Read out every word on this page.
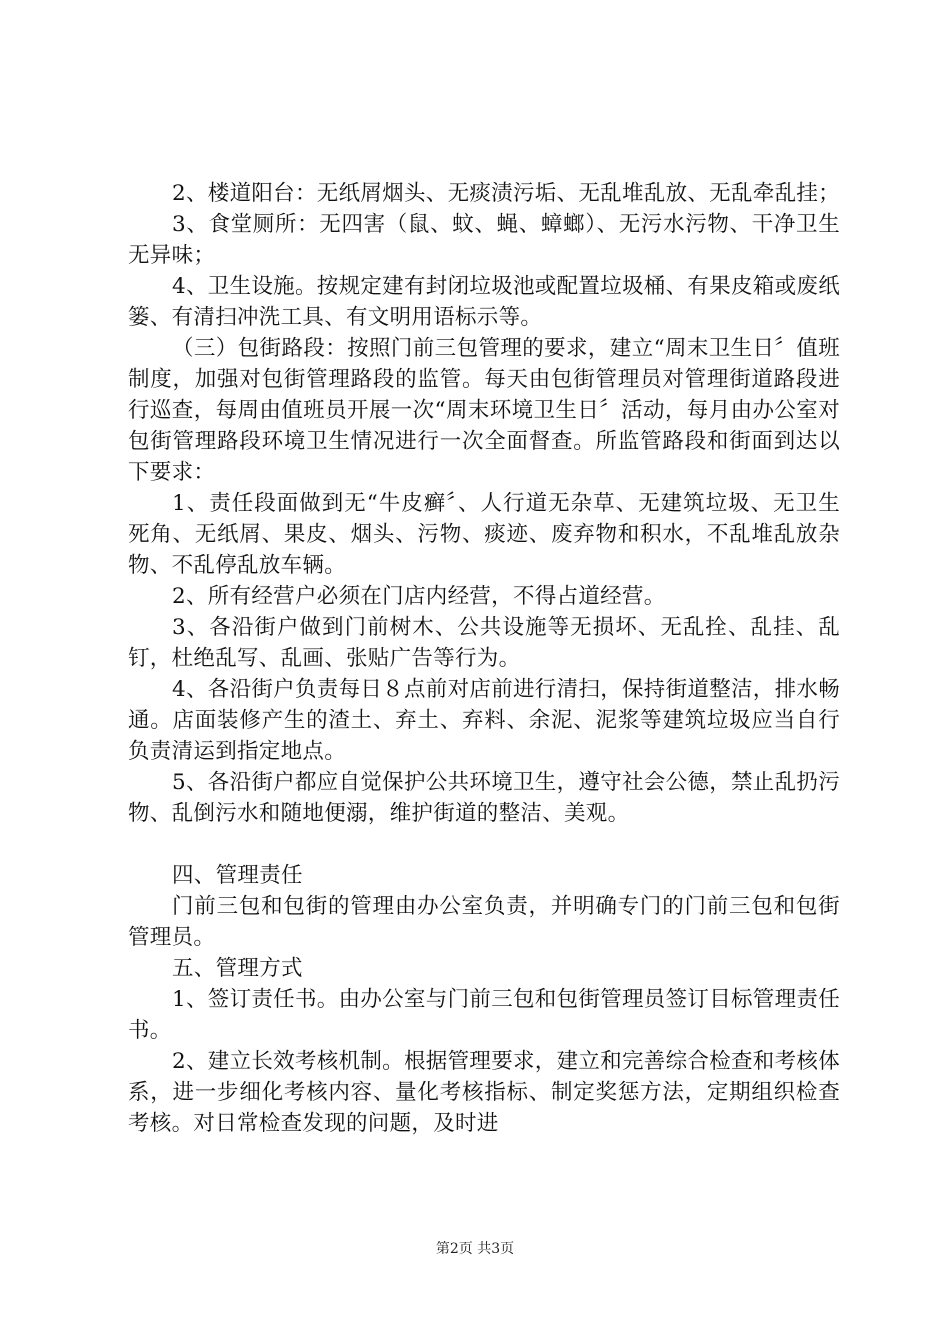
2、楼道阳台：无纸屑烟头、无痰渍污垢、无乱堆乱放、无乱牵乱挂；

3、食堂厕所：无四害（鼠、蚊、蝇、蟑螂）、无污水污物、干净卫生无异味；

4、卫生设施。按规定建有封闭垃圾池或配置垃圾桶、有果皮箱或废纸篓、有清扫冲洗工具、有文明用语标示等。

（三）包街路段：按照门前三包管理的要求，建立“周末卫生日〞值班制度，加强对包街管理路段的监管。每天由包街管理员对管理街道路段进行巡查，每周由值班员开展一次“周末环境卫生日〞活动，每月由办公室对包街管理路段环境卫生情况进行一次全面督查。所监管路段和街面到达以下要求：

1、责任段面做到无“牛皮癣〞、人行道无杂草、无建筑垃圾、无卫生死角、无纸屑、果皮、烟头、污物、痰迹、废弃物和积水，不乱堆乱放杂物、不乱停乱放车辆。

2、所有经营户必须在门店内经营，不得占道经营。

3、各沿街户做到门前树木、公共设施等无损坏、无乱拴、乱挂、乱钉，杜绝乱写、乱画、张贴广告等行为。

4、各沿街户负责每日８点前对店前进行清扫，保持街道整洁，排水畅通。店面装修产生的渣土、弃土、弃料、余泥、泥浆等建筑垃圾应当自行负责清运到指定地点。

5、各沿街户都应自觉保护公共环境卫生，遵守社会公德，禁止乱扔污物、乱倒污水和随地便溺，维护街道的整洁、美观。

四、管理责任

门前三包和包街的管理由办公室负责，并明确专门的门前三包和包街管理员。

五、管理方式

1、签订责任书。由办公室与门前三包和包街管理员签订目标管理责任书。

2、建立长效考核机制。根据管理要求，建立和完善综合检查和考核体系，进一步细化考核内容、量化考核指标、制定奖惩方法，定期组织检查考核。对日常检查发现的问题，及时进

第2页 共3页
